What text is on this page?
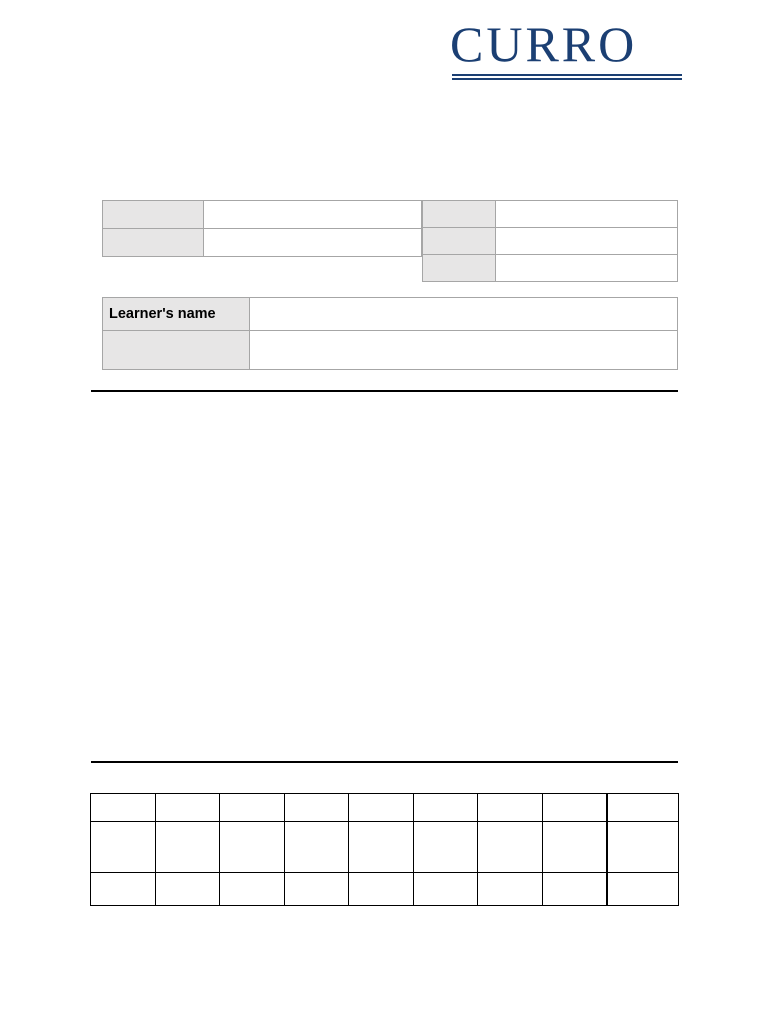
CURRO

Learner's name	
